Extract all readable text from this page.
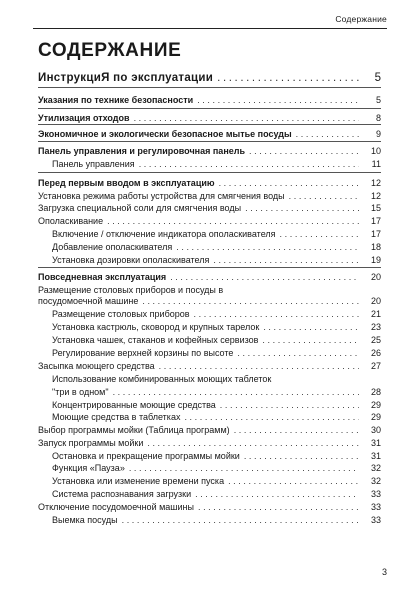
Содержание
СОДЕРЖАНИЕ
ИнструкциЯ по эксплуатации .....	5
Указания по технике безопасности .....	5
Утилизация отходов .....	8
Экономичное и экологически безопасное мытье посуды .....	9
Панель управления и регулировочная панель .....	10
Панель управления .....	11
Перед первым вводом в эксплуатацию .....	12
Установка режима работы устройства для смягчения воды .....	12
Загрузка специальной соли для смягчения воды .....	15
Ополаскивание .....	17
Включение / отключение индикатора ополаскивателя .....	17
Добавление ополаскивателя .....	18
Установка дозировки ополаскивателя .....	19
Повседневная эксплуатация .....	20
Размещение столовых приборов и посуды в
посудомоечной машине .....	20
Размещение столовых приборов .....	21
Установка кастрюль, сковород и крупных тарелок .....	23
Установка чашек, стаканов и кофейных сервизов .....	25
Регулирование верхней корзины по высоте .....	26
Засыпка моющего средства .....	27
Использование комбинированных моющих таблеток
"три в одном" .....	28
Концентрированные моющие средства .....	29
Моющие средства в таблетках .....	29
Выбор программы мойки (Таблица программ) .....	30
Запуск программы мойки .....	31
Остановка и прекращение программы мойки .....	31
Функция «Пауза» .....	32
Установка или изменение времени пуска .....	32
Система распознавания загрузки .....	33
Отключение посудомоечной машины .....	33
Выемка посуды .....	33
3
